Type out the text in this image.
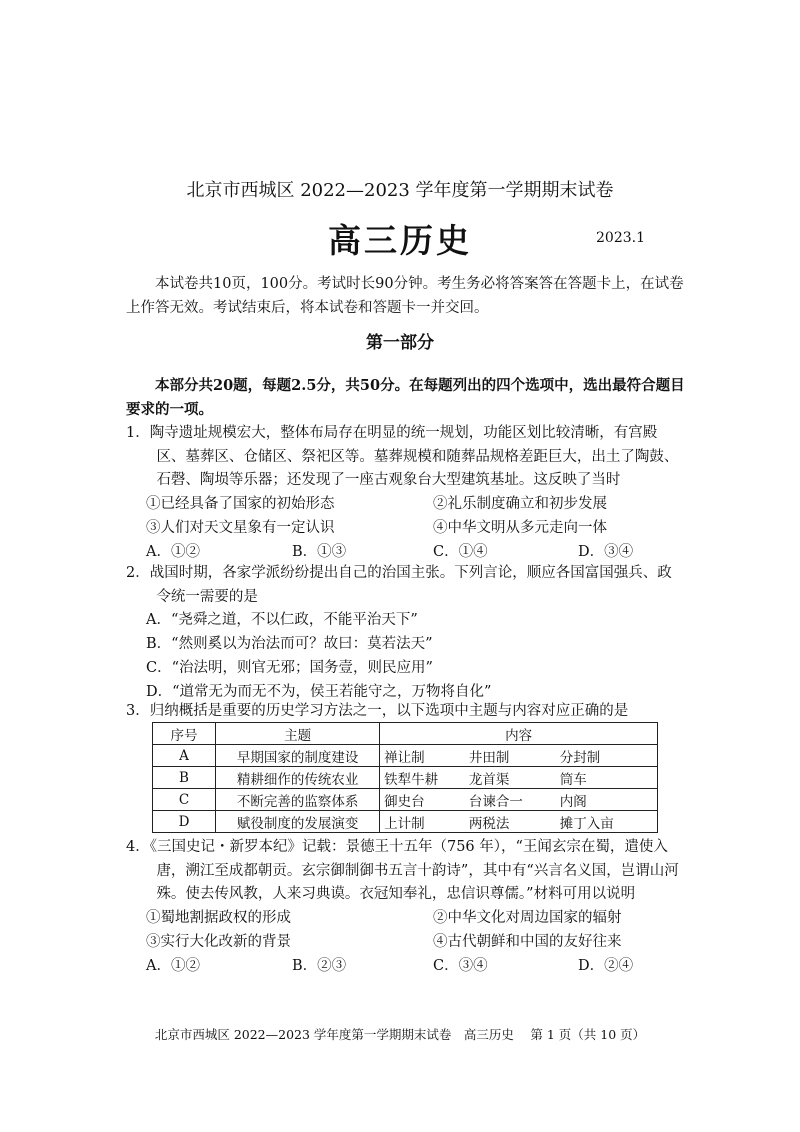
北京市西城区 2022—2023 学年度第一学期期末试卷
高三历史	2023.1
本试卷共10页，100分。考试时长90分钟。考生务必将答案答在答题卡上，在试卷上作答无效。考试结束后，将本试卷和答题卡一并交回。
第一部分
本部分共20题，每题2.5分，共50分。在每题列出的四个选项中，选出最符合题目要求的一项。
1．陶寺遗址规模宏大，整体布局存在明显的统一规划，功能区划比较清晰，有宫殿区、墓葬区、仓储区、祭祀区等。墓葬规模和随葬品规格差距巨大，出土了陶鼓、石磬、陶埙等乐器；还发现了一座古观象台大型建筑基址。这反映了当时
①已经具备了国家的初始形态	②礼乐制度确立和初步发展
③人们对天文星象有一定认识	④中华文明从多元走向一体
A．①②	B．①③	C．①④	D．③④
2．战国时期，各家学派纷纷提出自己的治国主张。下列言论，顺应各国富国强兵、政令统一需要的是
A．“尧舜之道，不以仁政，不能平治天下”
B．“然则奚以为治法而可？故曰：莫若法天”
C．“治法明，则官无邪；国务壹，则民应用”
D．“道常无为而无不为，侯王若能守之，万物将自化”
3．归纳概括是重要的历史学习方法之一，以下选项中主题与内容对应正确的是
序号	主题	内容		
A	早期国家的制度建设	禅让制	井田制	分封制
B	精耕细作的传统农业	铁犁牛耕	龙首渠	筒车
C	不断完善的监察体系	御史台	台谏合一	内阁
D	赋役制度的发展演变	上计制	两税法	摊丁入亩
4．《三国史记・新罗本纪》记载：景德王十五年（756 年），“王闻玄宗在蜀，遣使入唐，溯江至成都朝贡。玄宗御制御书五言十韵诗”，其中有“兴言名义国，岂谓山河殊。使去传风教，人来习典谟。衣冠知奉礼，忠信识尊儒。”材料可用以说明
①蜀地割据政权的形成	②中华文化对周边国家的辐射
③实行大化改新的背景	④古代朝鲜和中国的友好往来
A．①②	B．②③	C．③④	D．②④
北京市西城区 2022—2023 学年度第一学期期末试卷　高三历史　 第 1 页（共 10 页）
